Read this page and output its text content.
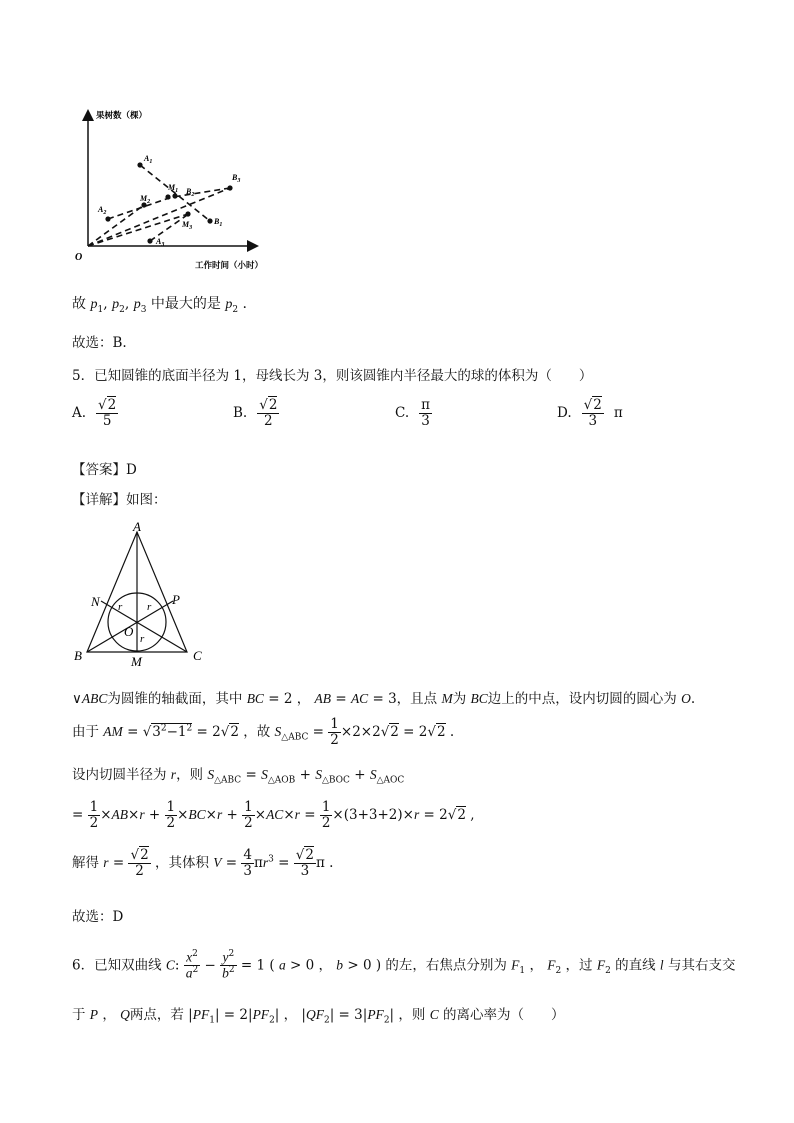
果树数（棵）
工作时间（小时）
O
$A_1$
$A_2$
$A_3$
$B_1$
$B_2$
$B_3$
$M_1$
$M_2$
$M_3$
故 $p_1$, $p_2$, $p_3$ 中最大的是 $p_2$ .
故选：B.
5．已知圆锥的底面半径为 1，母线长为 3，则该圆锥内半径最大的球的体积为（　　）
A. $\frac{√2}{5}$	B. $\frac{√2}{2}$	C. $\frac{\pi}{3}$	D. $\frac{√2}{3}$ π
【答案】D
【详解】如图：
A
N	P
O
r r
r
B	M	C
∨ABC为圆锥的轴截面，其中 BC = 2 ， AB = AC = 3，且点 M为 BC边上的中点，设内切圆的圆心为 O.
由于 AM = $√3^2-1^2 = 2√2$ ，故 $S_{\triangle ABC} = \frac{1}{2} \times 2\times 2√2 = 2√2$ .
设内切圆半径为 r，则 $S_{\triangle ABC} = S_{\triangle AOB} + S_{\triangle BOC} + S_{\triangle AOC}$
= $\frac{1}{2} \times AB\times r + \frac{1}{2} \times BC\times r + \frac{1}{2} \times AC\times r = \frac{1}{2} \times(3+3+2)\times r = 2√2$ ,
解得 $r = \frac{√2}{2}$ ，其体积 $V = \frac{4}{3} \pi r^3 = \frac{√2}{3}$ π .
故选：D
6．已知双曲线 C: $\frac{x^2}{a^2} - \frac{y^2}{b^2} = 1$ ( a > 0 ， b > 0 ) 的左，右焦点分别为 $F_1$ ， $F_2$ ，过 $F_2$ 的直线 l 与其右支交
于 P ， Q两点，若 $|PF_1| = 2|PF_2|$ ， $|QF_2| = 3|PF_2|$ ，则 C 的离心率为（　　）
